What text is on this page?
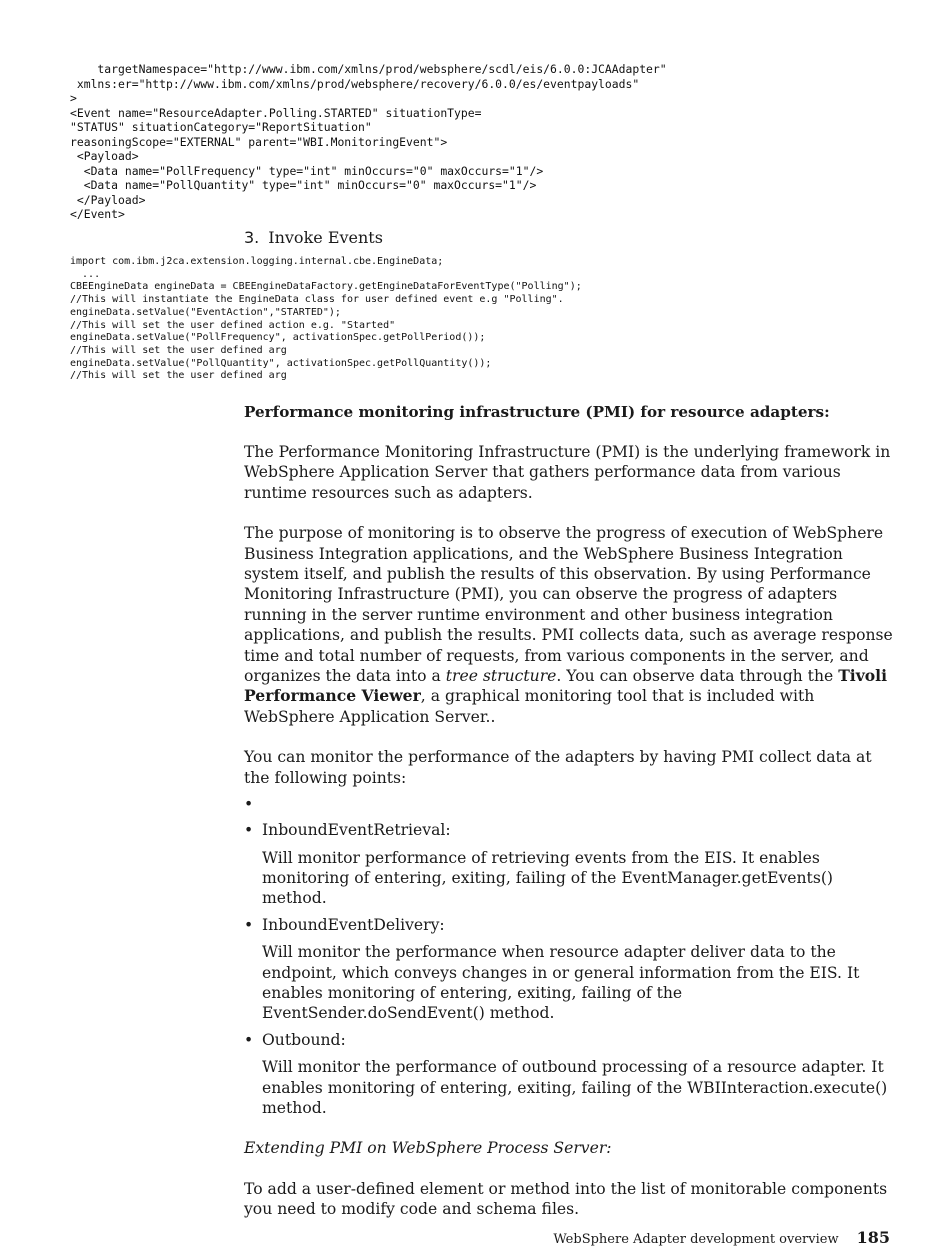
targetNamespace="http://www.ibm.com/xmlns/prod/websphere/scdl/eis/6.0.0:JCAAdapter"
xmlns:er="http://www.ibm.com/xmlns/prod/websphere/recovery/6.0.0/es/eventpayloads"
>
<Event name="ResourceAdapter.Polling.STARTED" situationType=
"STATUS" situationCategory="ReportSituation"
reasoningScope="EXTERNAL" parent="WBI.MonitoringEvent">
<Payload>
<Data name="PollFrequency" type="int" minOccurs="0" maxOccurs="1"/>
<Data name="PollQuantity" type="int" minOccurs="0" maxOccurs="1"/>
</Payload>
</Event>
3. Invoke Events
import com.ibm.j2ca.extension.logging.internal.cbe.EngineData;
...
CBEEngineData engineData = CBEEngineDataFactory.getEngineDataForEventType("Polling");
//This will instantiate the EngineData class for user defined event e.g "Polling".
engineData.setValue("EventAction","STARTED");
//This will set the user defined action e.g. "Started"
engineData.setValue("PollFrequency", activationSpec.getPollPeriod());
//This will set the user defined arg
engineData.setValue("PollQuantity", activationSpec.getPollQuantity());
//This will set the user defined arg
Performance monitoring infrastructure (PMI) for resource adapters:

The Performance Monitoring Infrastructure (PMI) is the underlying framework in WebSphere Application Server that gathers performance data from various runtime resources such as adapters.

The purpose of monitoring is to observe the progress of execution of WebSphere Business Integration applications, and the WebSphere Business Integration system itself, and publish the results of this observation. By using Performance Monitoring Infrastructure (PMI), you can observe the progress of adapters running in the server runtime environment and other business integration applications, and publish the results. PMI collects data, such as average response time and total number of requests, from various components in the server, and organizes the data into a tree structure. You can observe data through the Tivoli Performance Viewer, a graphical monitoring tool that is included with WebSphere Application Server..

You can monitor the performance of the adapters by having PMI collect data at the following points:

•
• InboundEventRetrieval:
Will monitor performance of retrieving events from the EIS. It enables monitoring of entering, exiting, failing of the EventManager.getEvents() method.
• InboundEventDelivery:
Will monitor the performance when resource adapter deliver data to the endpoint, which conveys changes in or general information from the EIS. It enables monitoring of entering, exiting, failing of the EventSender.doSendEvent() method.
• Outbound:
Will monitor the performance of outbound processing of a resource adapter. It enables monitoring of entering, exiting, failing of the WBIInteraction.execute() method.

Extending PMI on WebSphere Process Server:

To add a user-defined element or method into the list of monitorable components you need to modify code and schema files.

WebSphere Adapter development overview 185
